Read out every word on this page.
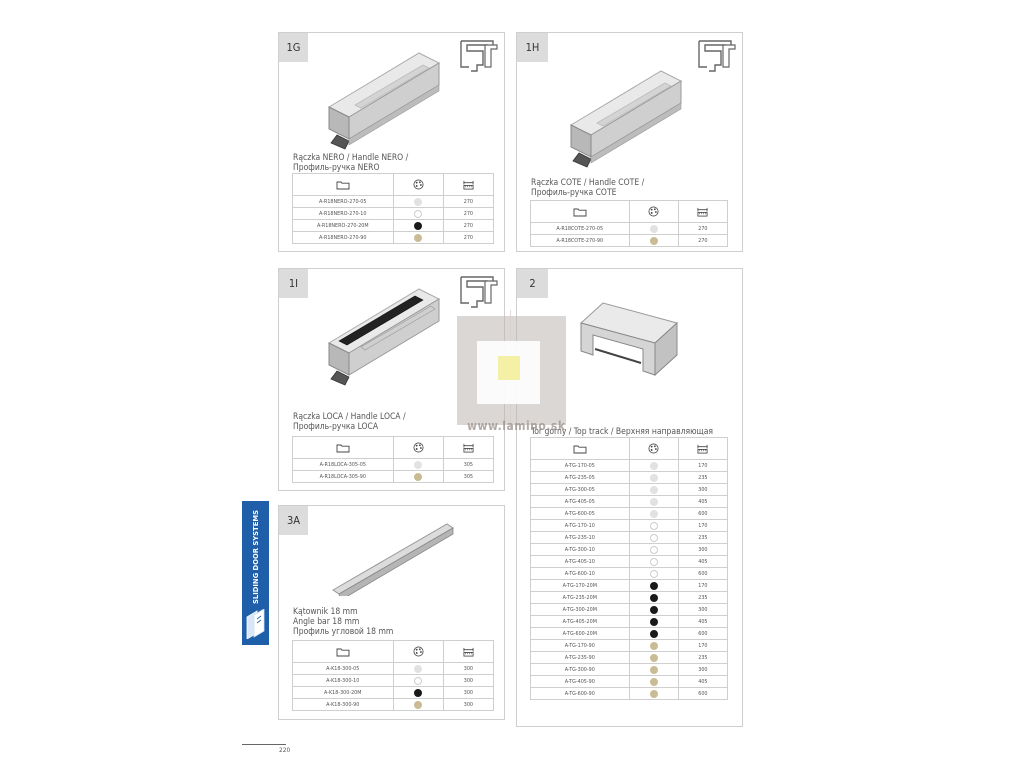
1G
Rączka NERO / Handle NERO /
Профиль-ручка NERO

A-R18NERO-270-05		270
A-R18NERO-270-10		270
A-R18NERO-270-20M		270
A-R18NERO-270-90		270
1H
Rączka COTE / Handle COTE /
Профиль-ручка COTE

A-R18COTE-270-05		270
A-R18COTE-270-90		270
1I
Rączka LOCA / Handle LOCA /
Профиль-ручка LOCA

A-R18LOCA-305-05		305
A-R18LOCA-305-90		305
2
Tor górny / Top track / Верхняя направляющая

A-TG-170-05		170
A-TG-235-05		235
A-TG-300-05		300
A-TG-405-05		405
A-TG-600-05		600
A-TG-170-10		170
A-TG-235-10		235
A-TG-300-10		300
A-TG-405-10		405
A-TG-600-10		600
A-TG-170-20M		170
A-TG-235-20M		235
A-TG-300-20M		300
A-TG-405-20M		405
A-TG-600-20M		600
A-TG-170-90		170
A-TG-235-90		235
A-TG-300-90		300
A-TG-405-90		405
A-TG-600-90		600
3A
Kątownik 18 mm
Angle bar 18 mm
Профиль угловой 18 mm

A-K18-300-05		300
A-K18-300-10		300
A-K18-300-20M		300
A-K18-300-90		300
SLIDING DOOR SYSTEMS
www.lamino.sk
220
